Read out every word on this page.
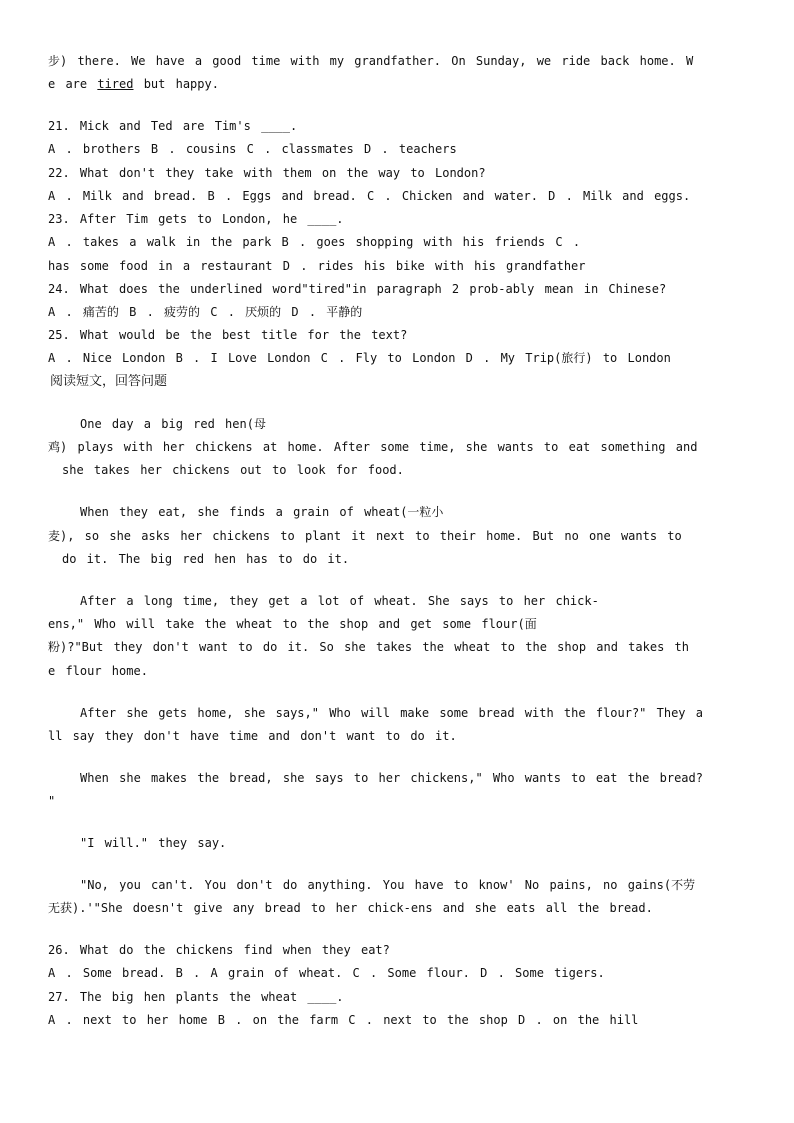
步) there. We have a good time with my grandfather. On Sunday, we ride back home. W
e are tired but happy.
21. Mick and Ted are Tim's ____.
A . brothers B . cousins C . classmates D . teachers
22. What don't they take with them on the way to London?
A . Milk and bread. B . Eggs and bread. C . Chicken and water. D . Milk and eggs.
23. After Tim gets to London, he ____.
A . takes a walk in the park B . goes shopping with his friends C .
has some food in a restaurant D . rides his bike with his grandfather
24. What does the underlined word"tired"in paragraph 2 prob-ably mean in Chinese?
A . 痛苦的 B . 疲劳的 C . 厌烦的 D . 平静的
25. What would be the best title for the text?
A . Nice London B . I Love London C . Fly to London D . My Trip(旅行) to London
阅读短文，回答问题
One day a big red hen(母
鸡) plays with her chickens at home. After some time, she wants to eat something and
she takes her chickens out to look for food.
When they eat, she finds a grain of wheat(一粒小
麦), so she asks her chickens to plant it next to their home. But no one wants to
do it. The big red hen has to do it.
After a long time, they get a lot of wheat. She says to her chick-
ens," Who will take the wheat to the shop and get some flour(面
粉)?"But they don't want to do it. So she takes the wheat to the shop and takes th
e flour home.
After she gets home, she says," Who will make some bread with the flour?" They a
ll say they don't have time and don't want to do it.
When she makes the bread, she says to her chickens," Who wants to eat the bread?
"
"I will." they say.
"No, you can't. You don't do anything. You have to know' No pains, no gains(不劳
无获).'"She doesn't give any bread to her chick-ens and she eats all the bread.
26. What do the chickens find when they eat?
A . Some bread. B . A grain of wheat. C . Some flour. D . Some tigers.
27. The big hen plants the wheat ____.
A . next to her home B . on the farm C . next to the shop D . on the hill
